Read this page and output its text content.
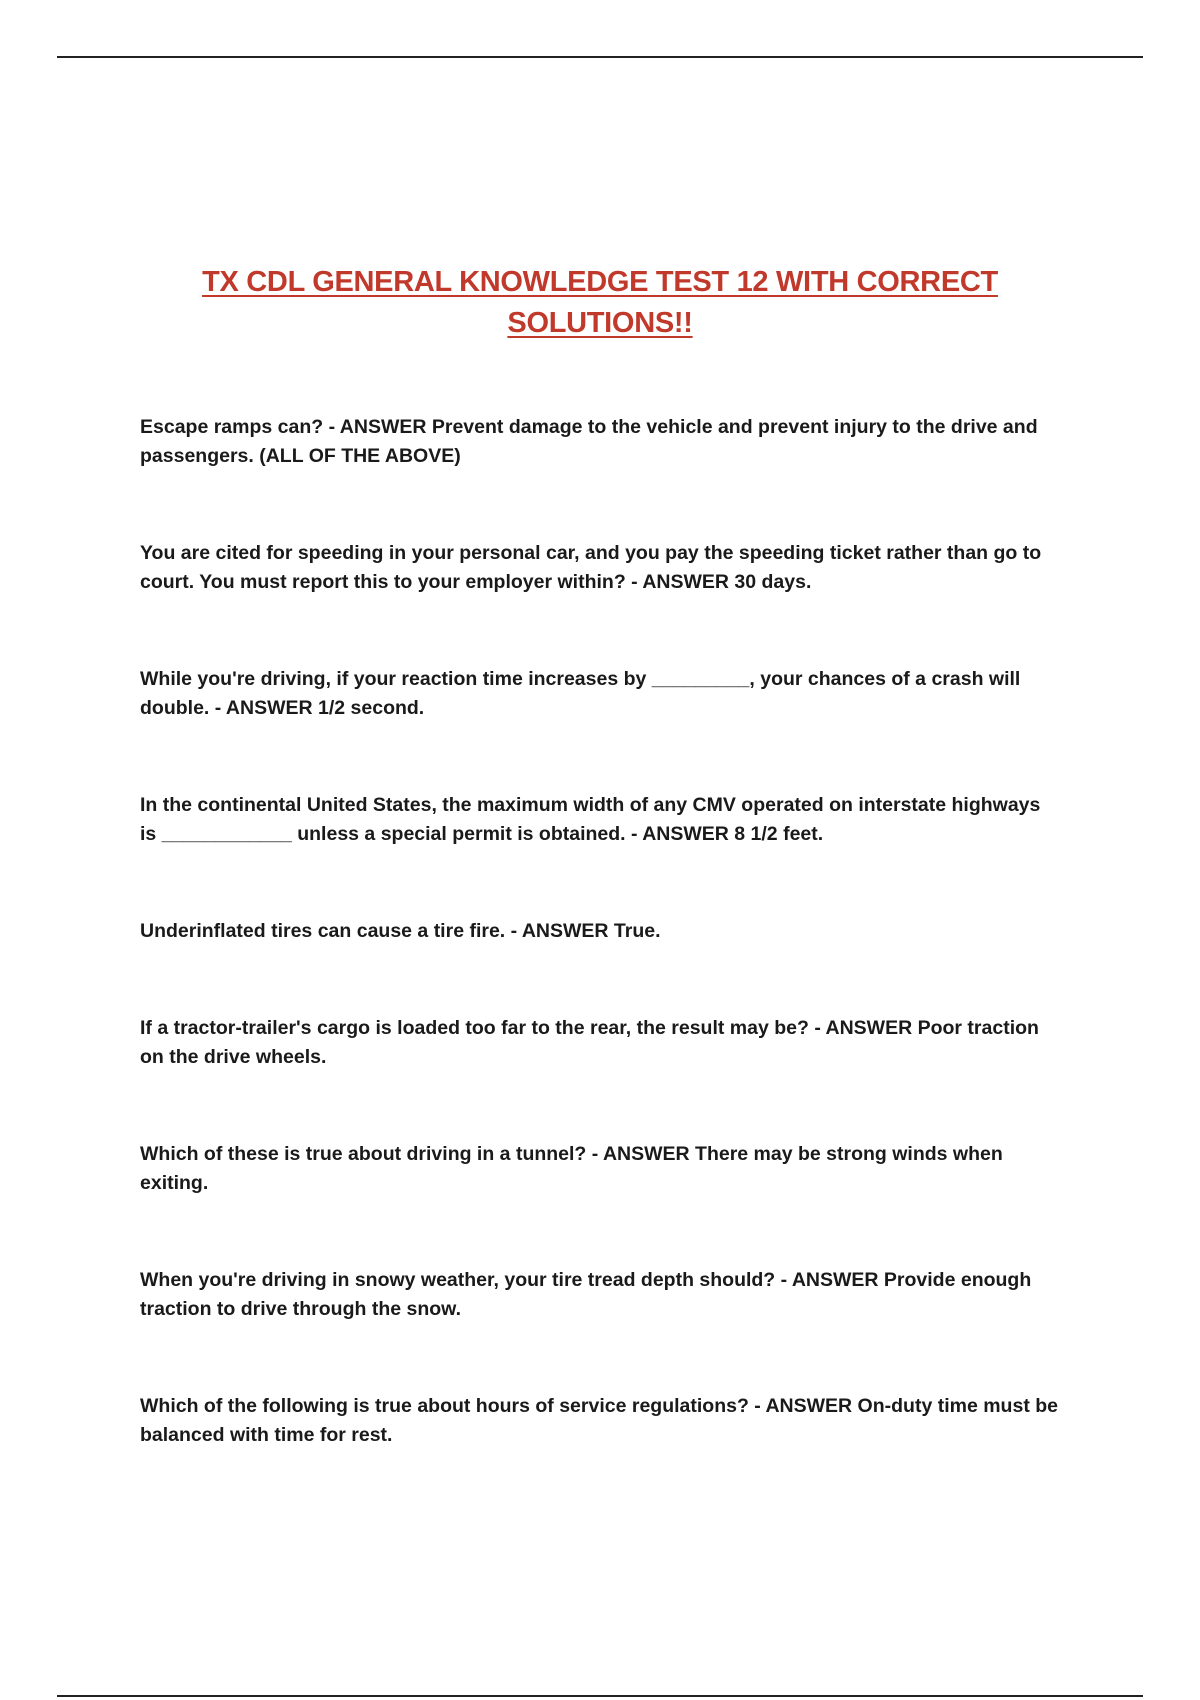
TX CDL GENERAL KNOWLEDGE TEST 12 WITH CORRECT SOLUTIONS!!
Escape ramps can? - ANSWER Prevent damage to the vehicle and prevent injury to the drive and passengers. (ALL OF THE ABOVE)
You are cited for speeding in your personal car, and you pay the speeding ticket rather than go to court. You must report this to your employer within? - ANSWER 30 days.
While you're driving, if your reaction time increases by _________, your chances of a crash will double. - ANSWER 1/2 second.
In the continental United States, the maximum width of any CMV operated on interstate highways is ____________ unless a special permit is obtained. - ANSWER 8 1/2 feet.
Underinflated tires can cause a tire fire. - ANSWER True.
If a tractor-trailer's cargo is loaded too far to the rear, the result may be? - ANSWER Poor traction on the drive wheels.
Which of these is true about driving in a tunnel? - ANSWER There may be strong winds when exiting.
When you're driving in snowy weather, your tire tread depth should? - ANSWER Provide enough traction to drive through the snow.
Which of the following is true about hours of service regulations? - ANSWER On-duty time must be balanced with time for rest.
